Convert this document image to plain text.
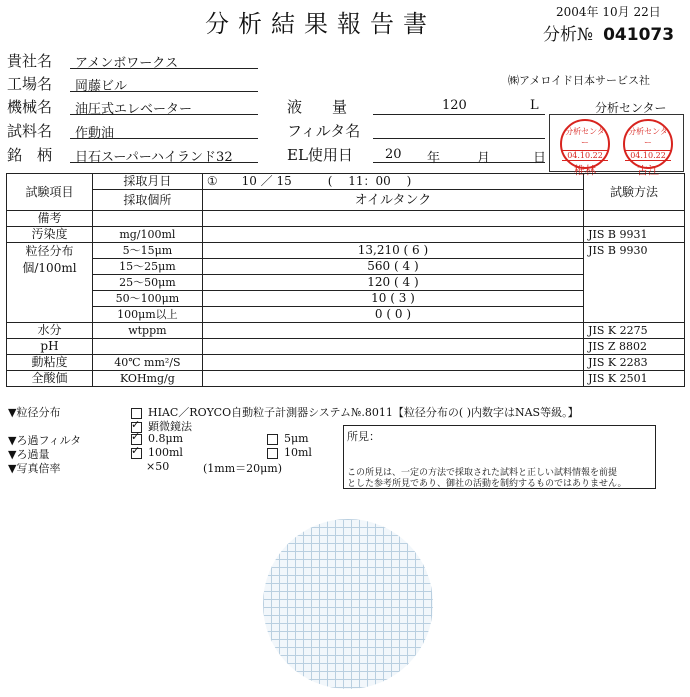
分析結果報告書	2004年 10月 22日
分析№ 041073
貴社名 アメンボワークス
工場名 岡藤ビル
機械名 油圧式エレベーター
試料名 作動油
銘　柄 日石スーパーハイランド32
㈱アメロイド日本サービス社
液　　量	120	L	分析センター
フィルタ名
EL使用日 20 年	月	日
分析センター
04.10.22
椎林
分析センター
04.10.22
古江
試験項目	採取月日	①　　10 ／ 15　　　(　 11：00　 )	試験方法
	採取個所	オイルタンク	
備考			
汚染度	mg/100ml		JIS B 9931
粒径分布
個/100ml	5〜15μm	13,210 ( 6 )	JIS B 9930
	15〜25μm	560 ( 4 )	
	25〜50μm	120 ( 4 )	
	50〜100μm	10 ( 3 )	
	100μm以上	0 ( 0 )	
水分	wtppm		JIS K 2275
pH			JIS Z 8802
動粘度	40℃ mm²/S		JIS K 2283
全酸価	KOHmg/g		JIS K 2501
▼粒径分布	HIAC／ROYCO自動粒子計測器システム№.8011【粒径分布の( )内数字はNAS等級。】
✓顕微鏡法
▼ろ過フィルタ ✓	0.8μm	5μm
▼ろ過量 ✓	100ml	10ml
▼写真倍率	×50	(1mm＝20μm)
所見：
この所見は、一定の方法で採取された試料と正しい試料情報を前提
とした参考所見であり、御社の活動を制約するものではありません。
